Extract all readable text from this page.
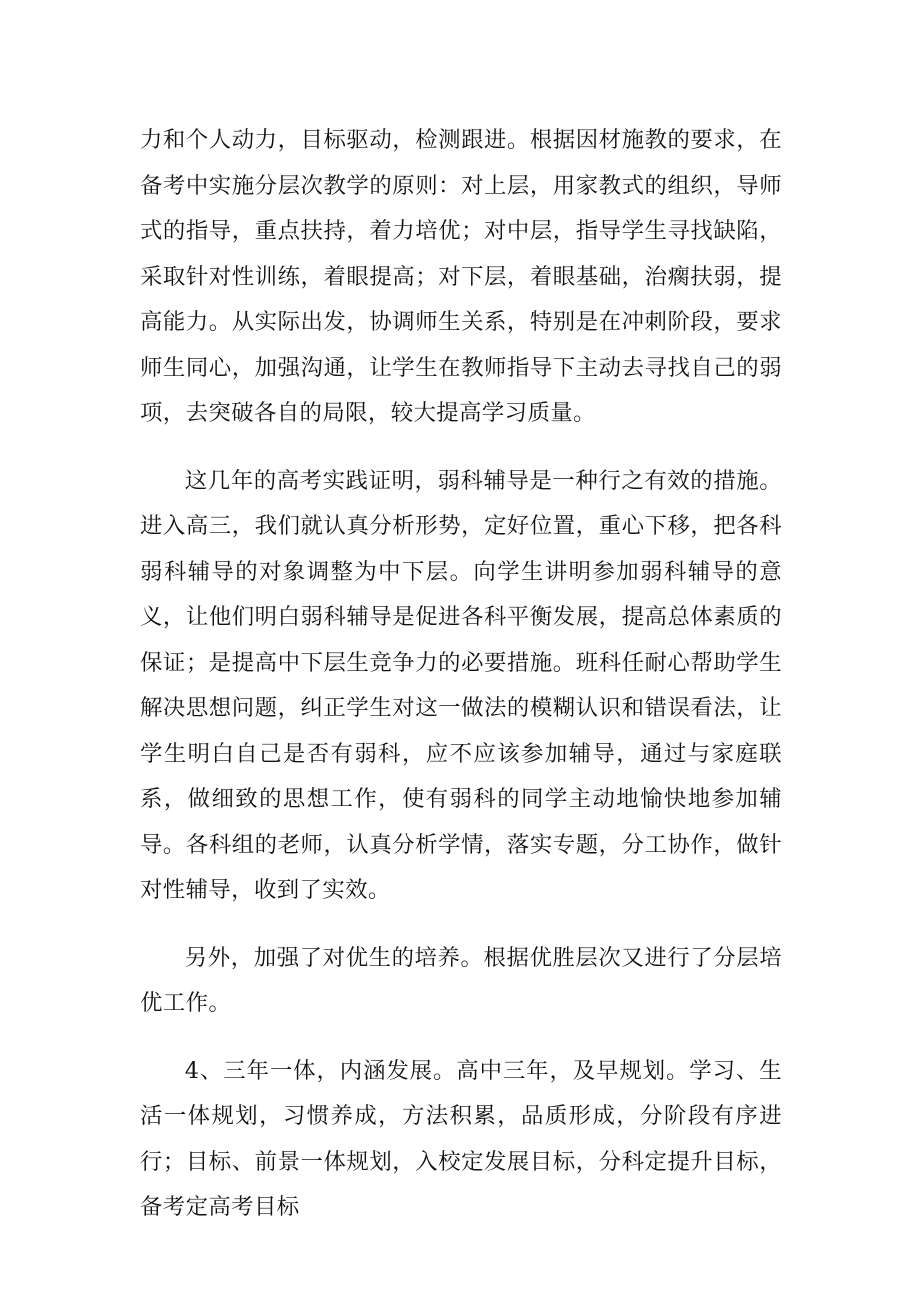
力和个人动力，目标驱动，检测跟进。根据因材施教的要求，在备考中实施分层次教学的原则：对上层，用家教式的组织，导师式的指导，重点扶持，着力培优；对中层，指导学生寻找缺陷，采取针对性训练，着眼提高；对下层，着眼基础，治瘸扶弱，提高能力。从实际出发，协调师生关系，特别是在冲刺阶段，要求师生同心，加强沟通，让学生在教师指导下主动去寻找自己的弱项，去突破各自的局限，较大提高学习质量。

这几年的高考实践证明，弱科辅导是一种行之有效的措施。进入高三，我们就认真分析形势，定好位置，重心下移，把各科弱科辅导的对象调整为中下层。向学生讲明参加弱科辅导的意义，让他们明白弱科辅导是促进各科平衡发展，提高总体素质的保证；是提高中下层生竞争力的必要措施。班科任耐心帮助学生解决思想问题，纠正学生对这一做法的模糊认识和错误看法，让学生明白自己是否有弱科，应不应该参加辅导，通过与家庭联系，做细致的思想工作，使有弱科的同学主动地愉快地参加辅导。各科组的老师，认真分析学情，落实专题，分工协作，做针对性辅导，收到了实效。

另外，加强了对优生的培养。根据优胜层次又进行了分层培优工作。

4、三年一体，内涵发展。高中三年，及早规划。学习、生活一体规划，习惯养成，方法积累，品质形成，分阶段有序进行；目标、前景一体规划，入校定发展目标，分科定提升目标，备考定高考目标
